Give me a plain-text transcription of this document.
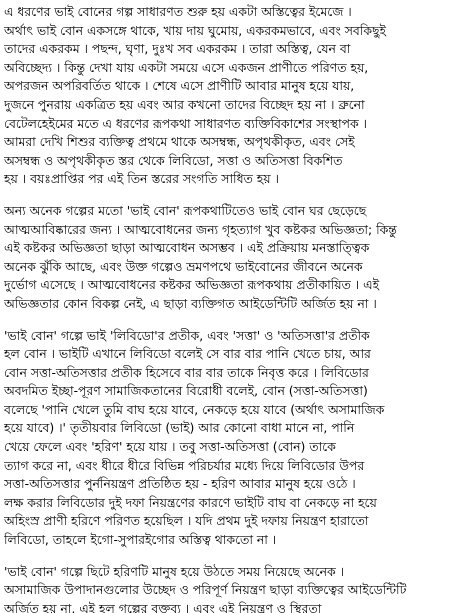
এ ধরণের ভাই বোনের গল্প সাধারণত শুরু হয় একটা অস্তিত্বের ইমেজে ।
অর্থাৎ ভাই বোন একসঙ্গে থাকে, খায় দায় ঘুমোয়, একরকমভাবে, এবং সবকিছুই
তাদের একরকম । পছন্দ, ঘৃণা, দুঃখ সব একরকম । তারা অস্তিত্ব, যেন বা
অবিচ্ছেদ্য । কিন্তু দেখা যায় একটা সময়ে এসে একজন প্রাণীতে পরিণত হয়,
অপরজন অপরিবর্তিত থাকে । শেষে এসে প্রাণীটি আবার মানুষ হয়ে যায়,
দুজনে পুনরায় একত্রিত হয় এবং আর কখনো তাদের বিচ্ছেদ হয় না । ব্রুনো
বেটেলহেইমের মতে এ ধরণের রূপকথা সাধারণত ব্যক্তিবিকাশের সংস্থাপক ।
আমরা দেখি শিশুর ব্যক্তিত্ব প্রথমে থাকে অসম্বন্ধ, অপৃথকীকৃত, এবং সেই
অসম্বন্ধ ও অপৃথকীকৃত স্তর থেকে লিবিডো, সত্তা ও অতিসত্তা বিকশিত
হয় । বয়ঃপ্রাপ্তির পর এই তিন স্তরের সংগতি সাধিত হয় ।
অন্য অনেক গল্পের মতো 'ভাই বোন' রূপকথাটিতেও ভাই বোন ঘর ছেড়েছে
আত্মআবিষ্কারের জন্য । আত্মবোধনের জন্য গৃহত্যাগ খুব কষ্টকর অভিজ্ঞতা; কিন্তু
এই কষ্টকর অভিজ্ঞতা ছাড়া আত্মবোধন অসম্ভব । এই প্রক্রিয়ায় মনস্তাত্ত্বিক
অনেক ঝুঁকি আছে, এবং উক্ত গল্পেও ভ্রমণপথে ভাইবোনের জীবনে অনেক
দুর্ভোগ এসেছে । আত্মবোধনের কষ্টকর অভিজ্ঞতা রূপকথায় প্রতীকায়িত । এই
অভিজ্ঞতার কোন বিকল্প নেই, এ ছাড়া ব্যক্তিগত আইডেন্টিটি অর্জিত হয় না ।
'ভাই বোন' গল্পে ভাই 'লিবিডো'র প্রতীক, এবং 'সত্তা' ও 'অতিসত্তা'র প্রতীক
হল বোন । ভাইটি এখানে লিবিডো বলেই সে বার বার পানি খেতে চায়, আর
বোন সত্তা-অতিসত্তার প্রতীক হিসেবে বার বার তাকে নিবৃত্ত করে । লিবিডোর
অবদমিত ইচ্ছা-পূরণ সামাজিকতানের বিরোধী বলেই, বোন (সত্তা-অতিসত্তা)
বলেছে 'পানি খেলে তুমি বাঘ হয়ে যাবে, নেকড়ে হয়ে যাবে (অর্থাৎ অসামাজিক
হয়ে যাবে) ।' তৃতীয়বার লিবিডো (ভাই) আর কোনো বাধা মানে না, পানি
খেয়ে ফেলে এবং 'হরিণ' হয়ে যায় । তবু সত্তা-অতিসত্তা (বোন) তাকে
ত্যাগ করে না, এবং ধীরে ধীরে বিভিন্ন পরিচর্যার মধ্যে দিয়ে লিবিডোর উপর
সত্তা-অতিসত্তার পুর্ননিয়ন্ত্রণ প্রতিষ্ঠিত হয় - হরিণ আবার মানুষ হয়ে ওঠে ।
লক্ষ করার লিবিডোর দুই দফা নিয়ন্ত্রণের কারণে ভাইটি বাঘ বা নেকড়ে না হয়ে
অহিংস্র প্রাণী হরিণে পরিণত হয়েছিল । যদি প্রথম দুই দফায় নিয়ন্ত্রণ হারাতো
লিবিডো, তাহলে ইগো-সুপারইগোর অস্তিত্ব থাকতো না ।
'ভাই বোন' গল্পে ছিটে হরিণটি মানুষ হয়ে উঠতে সময় নিয়েছে অনেক ।
অসামাজিক উপাদানগুলোর উচ্ছেদ ও পরিপূর্ণ নিয়ন্ত্রণ ছাড়া ব্যক্তিত্বের আইডেন্টিটি
অর্জিত হয় না, এই হল গল্পের বক্তব্য । এবং এই নিয়ন্ত্রণ ও স্থিরতা
